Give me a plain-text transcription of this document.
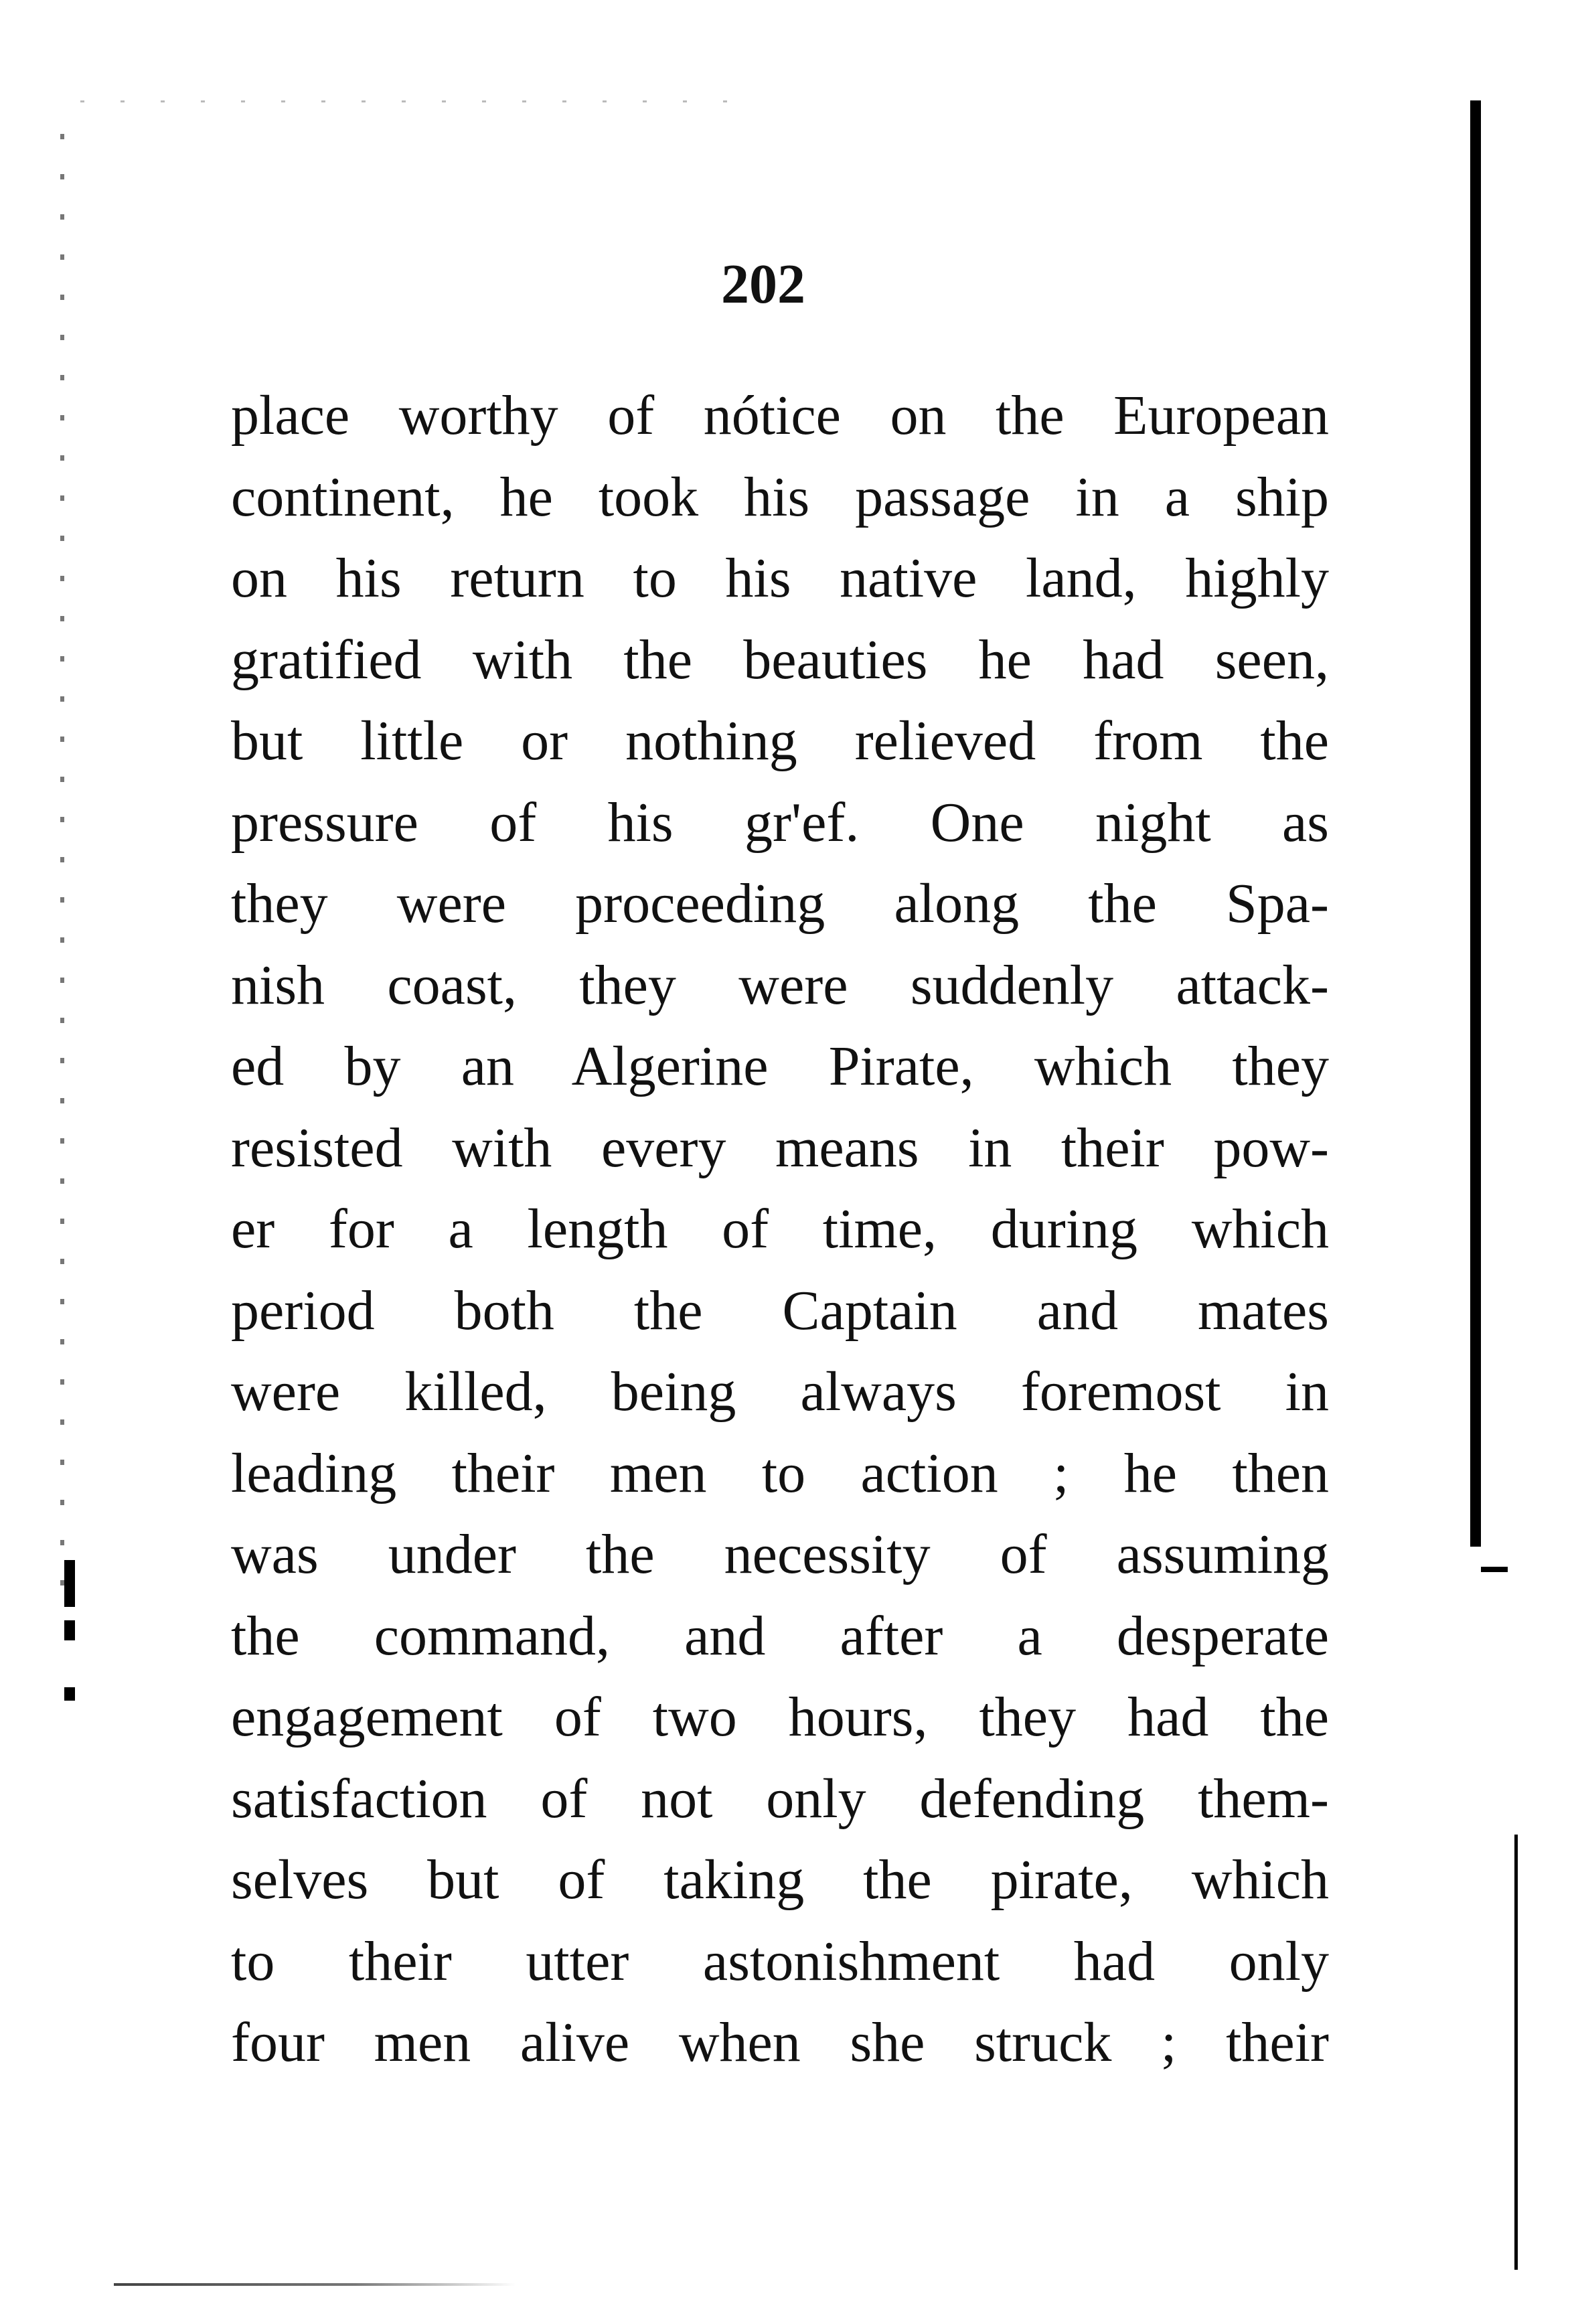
202
place worthy of nótice on the European
continent, he took his passage in a ship
on his return to his native land, highly
gratified with the beauties he had seen,
but little or nothing relieved from the
pressure of his gr'ef. One night as
they were proceeding along the Spa-
nish coast, they were suddenly attack-
ed by an Algerine Pirate, which they
resisted with every means in their pow-
er for a length of time, during which
period both the Captain and mates
were killed, being always foremost in
leading their men to action ; he then
was under the necessity of assuming
the command, and after a desperate
engagement of two hours, they had the
satisfaction of not only defending them-
selves but of taking the pirate, which
to their utter astonishment had only
four men alive when she struck ; their
